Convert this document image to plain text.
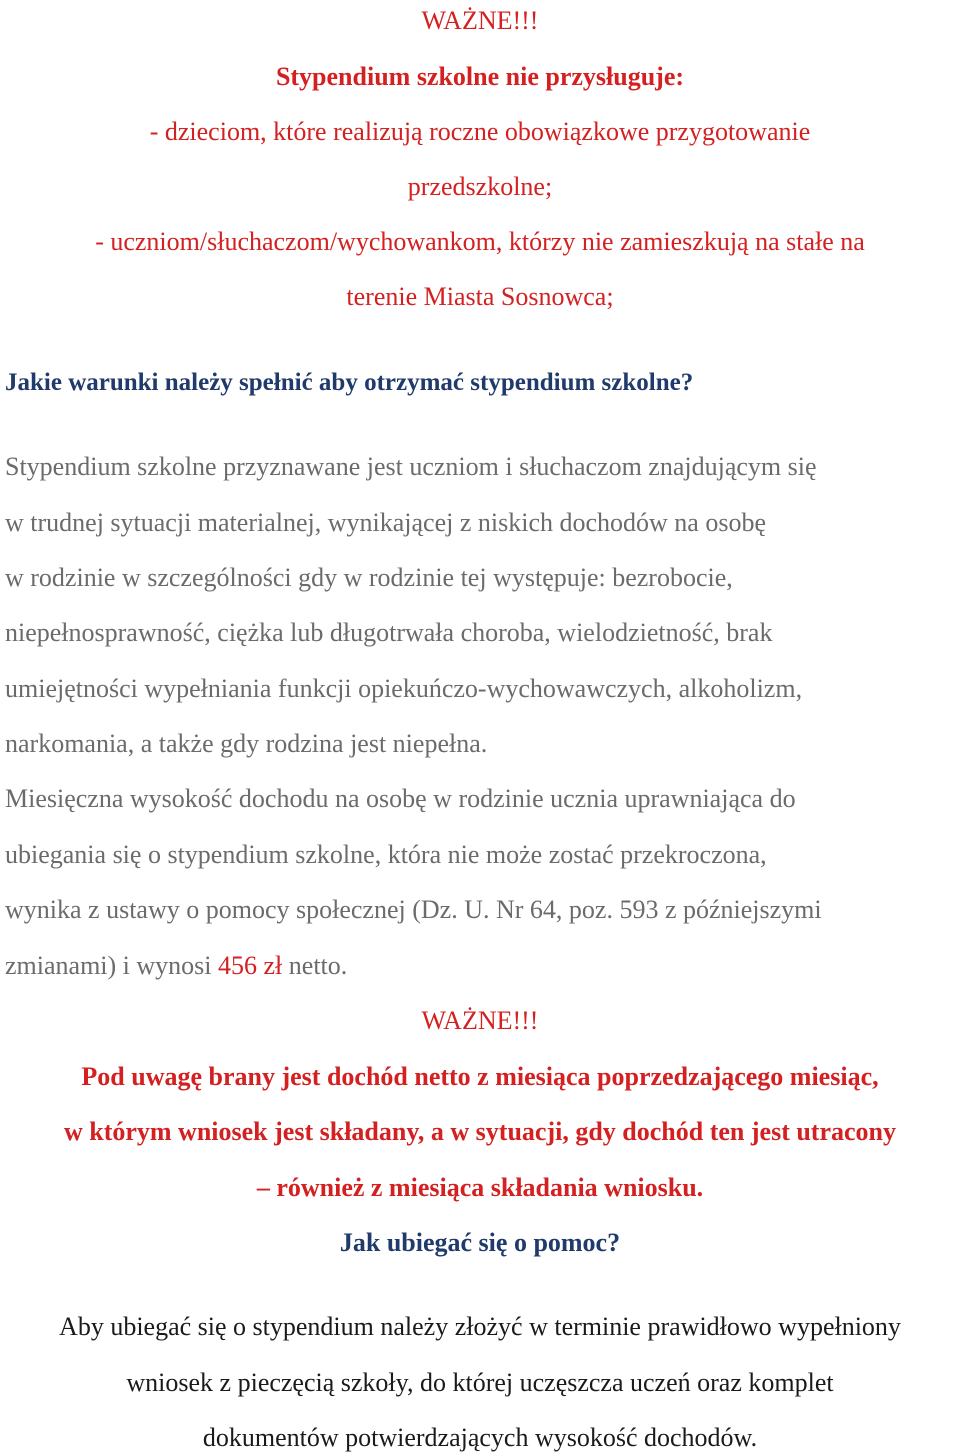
WAŻNE!!!
Stypendium szkolne nie przysługuje:
- dzieciom, które realizują roczne obowiązkowe przygotowanie
przedszkolne;
- uczniom/słuchaczom/wychowankom, którzy nie zamieszkują na stałe na
terenie Miasta Sosnowca;
Jakie warunki należy spełnić aby otrzymać stypendium szkolne?
Stypendium szkolne przyznawane jest uczniom i słuchaczom znajdującym się
w trudnej sytuacji materialnej, wynikającej z niskich dochodów na osobę
w rodzinie w szczególności gdy w rodzinie tej występuje: bezrobocie,
niepełnosprawność, ciężka lub długotrwała choroba, wielodzietność, brak
umiejętności wypełniania funkcji opiekuńczo-wychowawczych, alkoholizm,
narkomania, a także gdy rodzina jest niepełna.
Miesięczna wysokość dochodu na osobę w rodzinie ucznia uprawniająca do
ubiegania się o stypendium szkolne, która nie może zostać przekroczona,
wynika z ustawy o pomocy społecznej (Dz. U. Nr 64, poz. 593 z późniejszymi
zmianami) i wynosi 456 zł netto.
WAŻNE!!!
Pod uwagę brany jest dochód netto z miesiąca poprzedzającego miesiąc,
w którym wniosek jest składany, a w sytuacji, gdy dochód ten jest utracony
– również z miesiąca składania wniosku.
Jak ubiegać się o pomoc?
Aby ubiegać się o stypendium należy złożyć w terminie prawidłowo wypełniony
wniosek z pieczęcią szkoły, do której uczęszcza uczeń oraz komplet
dokumentów potwierdzających wysokość dochodów.
